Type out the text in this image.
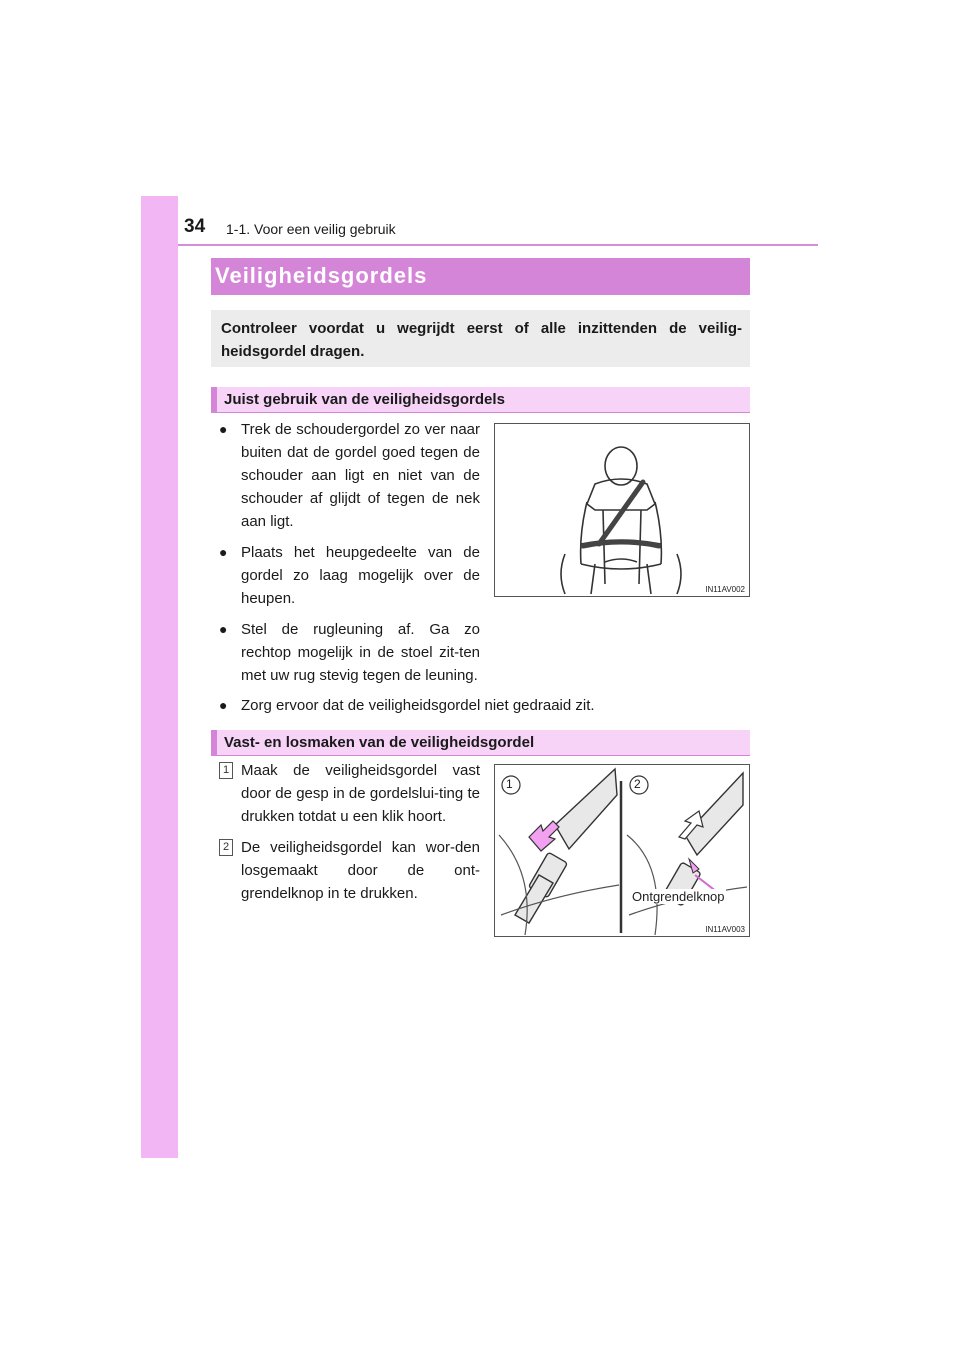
34 1-1. Voor een veilig gebruik
Veiligheidsgordels
Controleer voordat u wegrijdt eerst of alle inzittenden de veilig-heidsgordel dragen.
Juist gebruik van de veiligheidsgordels
● Trek de schoudergordel zo ver naar buiten dat de gordel goed tegen de schouder aan ligt en niet van de schouder af glijdt of tegen de nek aan ligt.
● Plaats het heupgedeelte van de gordel zo laag mogelijk over de heupen.
● Stel de rugleuning af. Ga zo rechtop mogelijk in de stoel zit-ten met uw rug stevig tegen de leuning.
● Zorg ervoor dat de veiligheidsgordel niet gedraaid zit.
IN11AV002
Vast- en losmaken van de veiligheidsgordel
1 Maak de veiligheidsgordel vast door de gesp in de gordelslui-ting te drukken totdat u een klik hoort.
2 De veiligheidsgordel kan wor-den losgemaakt door de ont-grendelknop in te drukken.
1	2
Ontgrendelknop
IN11AV003
